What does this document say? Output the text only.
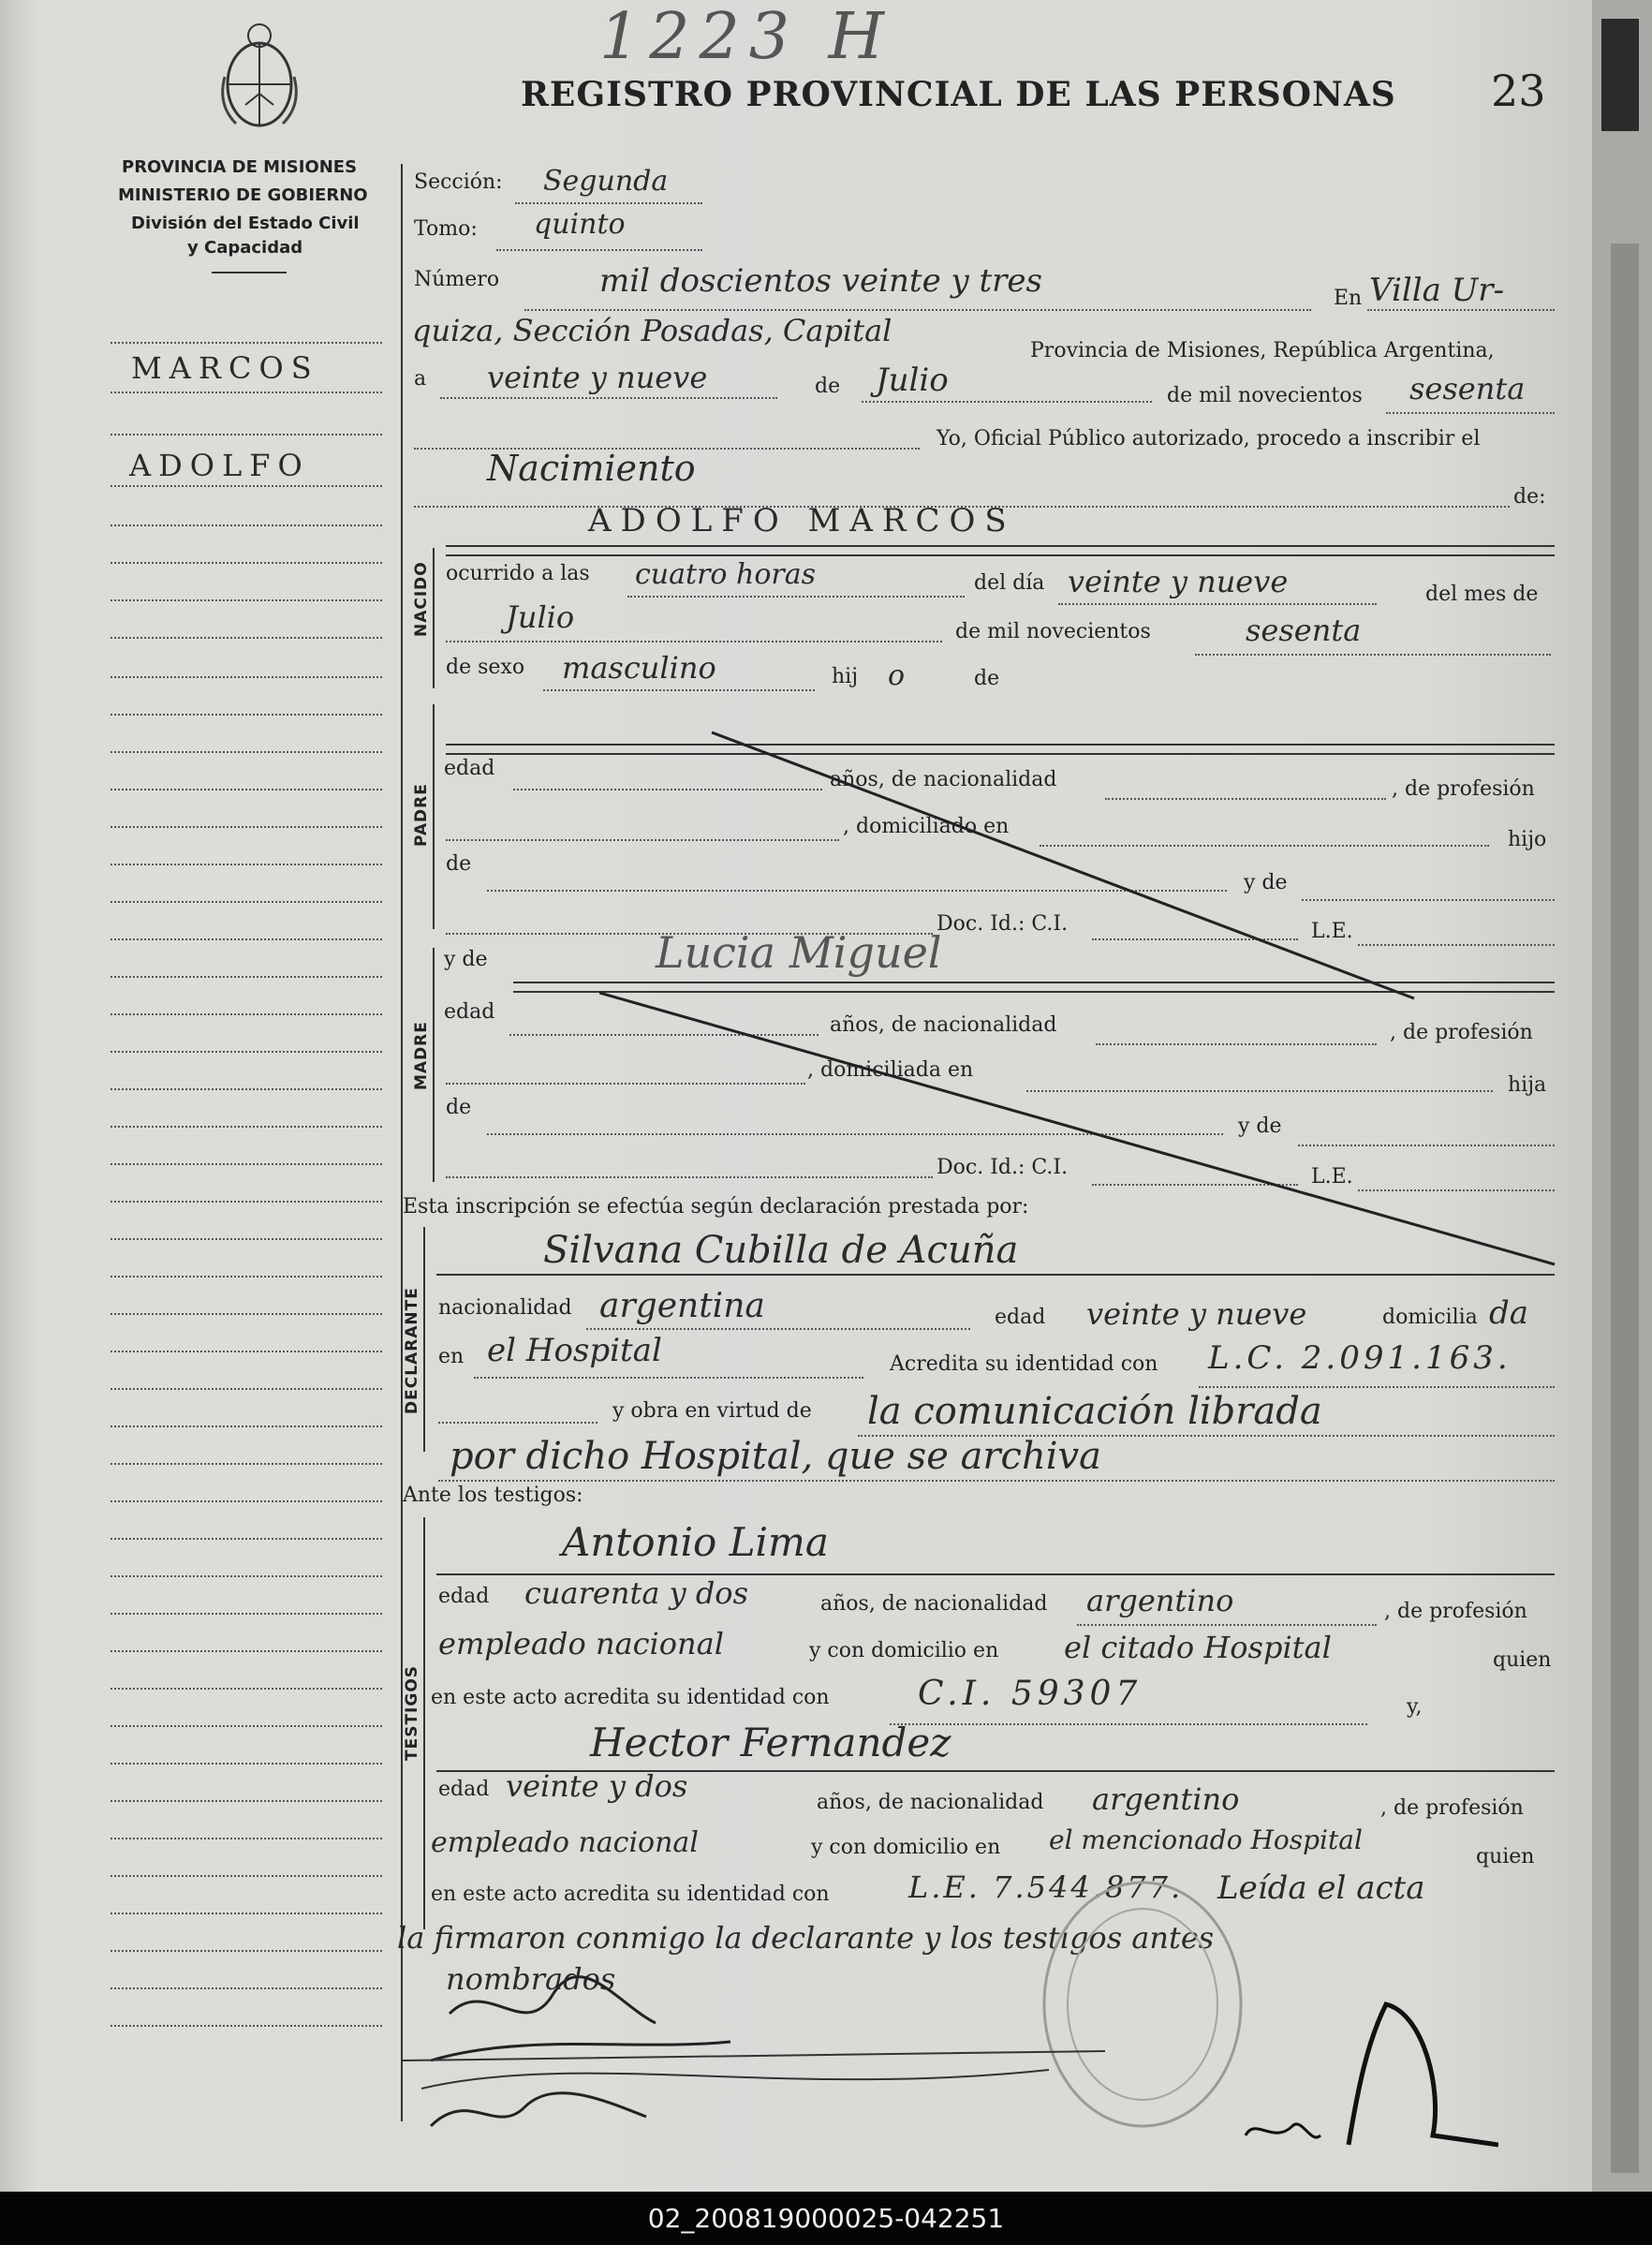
1223 H
REGISTRO PROVINCIAL DE LAS PERSONAS 23
PROVINCIA DE MISIONES
MINISTERIO DE GOBIERNO
División del Estado Civil
y Capacidad
MARCOS
ADOLFO
Sección: Segunda
Tomo: quinto
Número	mil doscientos veinte y tres	En Villa Ur-
quiza, Sección Posadas, Capital
Provincia de Misiones, República Argentina,
a veinte y nueve	de Julio	de mil novecientos sesenta
Yo, Oficial Público autorizado, procedo a inscribir el
Nacimiento
de:
NACIDO
ADOLFO MARCOS
ocurrido a las cuatro horas	del día veinte y nueve	del mes de
Julio	de mil novecientos	sesenta
de sexo masculino	hij o	de
PADRE
edad	años, de nacionalidad	, de profesión
, domiciliado en
hijo
de
y de
Doc. Id.: C.I.	L.E.
MADRE
y de	Lucia Miguel
edad
años, de nacionalidad	, de profesión
, domiciliada en
hija
de
y de
Doc. Id.: C.I.	L.E.
Esta inscripción se efectúa según declaración prestada por:
DECLARANTE
Silvana Cubilla de Acuña
nacionalidad argentina	edad veinte y nueve	domicilia da
en el Hospital	Acredita su identidad con L.C. 2.091.163.
y obra en virtud de la comunicación librada
por dicho Hospital, que se archiva
Ante los testigos:
TESTIGOS
Antonio Lima
edad cuarenta y dos	años, de nacionalidad argentino	, de profesión
empleado nacional	y con domicilio en el citado Hospital	quien
en este acto acredita su identidad con	C.I. 59307	y,
Hector Fernandez
edad veinte y dos	años, de nacionalidad argentino	, de profesión
empleado nacional	y con domicilio en el mencionado Hospital
quien
en este acto acredita su identidad con	L.E. 7.544.877. Leída el acta
la firmaron conmigo la declarante y los testigos antes
nombrados
02_200819000025-042251
